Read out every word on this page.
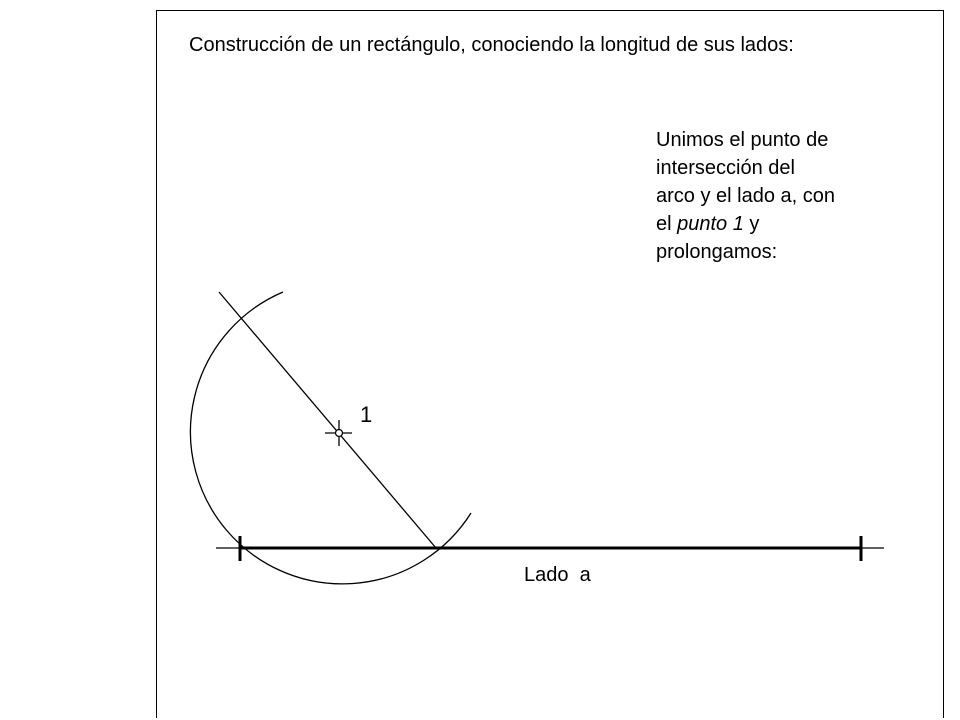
Construcción de un rectángulo, conociendo la longitud de sus lados:
Unimos el punto de
intersección del
arco y el lado a, con
el punto 1 y
prolongamos:
1
Lado  a
